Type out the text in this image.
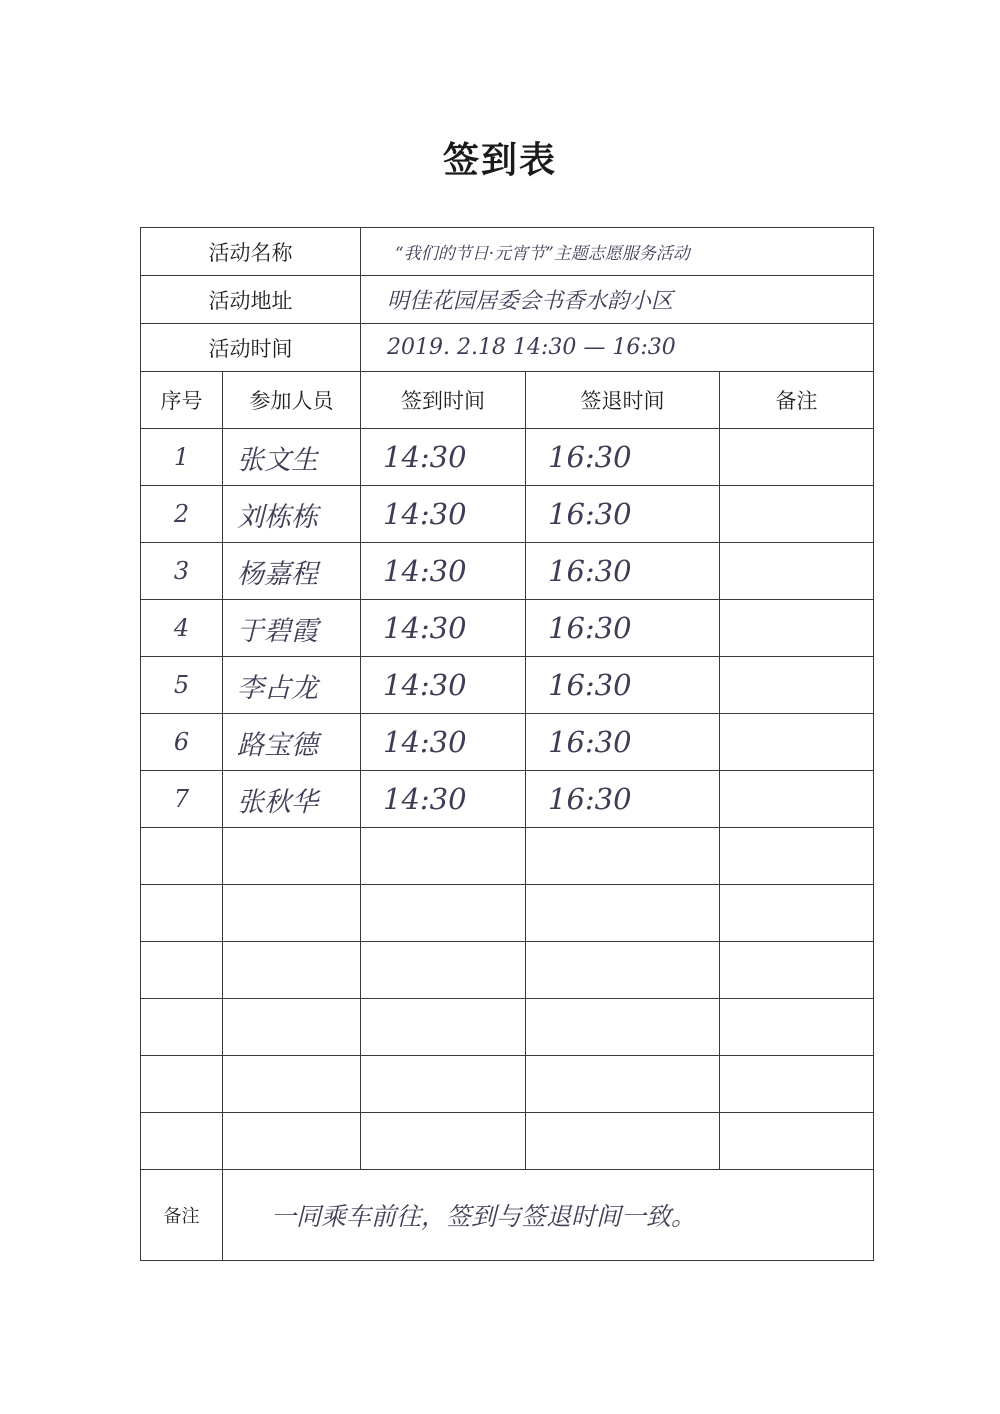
签到表
活动名称		“我们的节日·元宵节”主题志愿服务活动		
活动地址		明佳花园居委会书香水韵小区		
活动时间		2019. 2.18 14:30 — 16:30		
序号	参加人员	签到时间	签退时间	备注
1	张文生	14:30	16:30	
2	刘栋栋	14:30	16:30	
3	杨嘉程	14:30	16:30	
4	于碧霞	14:30	16:30	
5	李占龙	14:30	16:30	
6	路宝德	14:30	16:30	
7	张秋华	14:30	16:30	

备注	一同乘车前往，签到与签退时间一致。			
